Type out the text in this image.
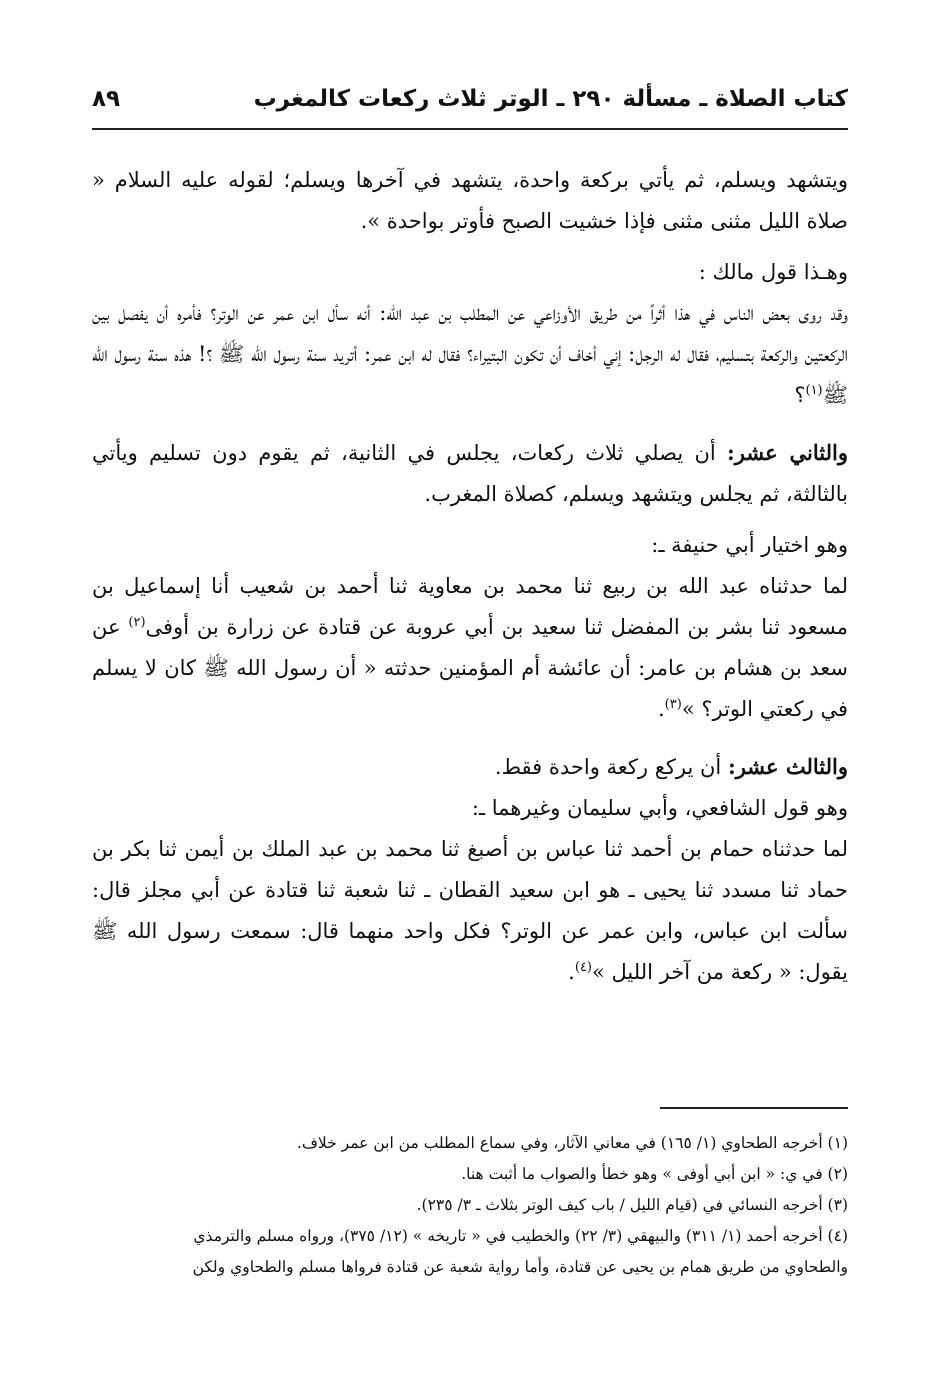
كتاب الصلاة ـ مسألة ٢٩٠ ـ الوتر ثلاث ركعات كالمغرب
٨٩

ويتشهد ويسلم، ثم يأتي بركعة واحدة، يتشهد في آخرها ويسلم؛ لقوله عليه السلام « صلاة الليل مثنى مثنى فإذا خشيت الصبح فأوتر بواحدة ».

وهـذا قول مالك :

وقد روى بعض الناس في هذا أثراً من طريق الأوزاعي عن المطلب بن عبد الله: أنه سأل ابن عمر عن الوتر؟ فأمره أن يفصل بين الركعتين والركعة بتسليم، فقال له الرجل: إني أخاف أن تكون البتيراء؟ فقال له ابن عمر: أتريد سنة رسول الله ﷺ ؟! هذه سنة رسول الله ﷺ$^{(١)}$؟

والثاني عشر: أن يصلي ثلاث ركعات، يجلس في الثانية، ثم يقوم دون تسليم ويأتي بالثالثة، ثم يجلس ويتشهد ويسلم، كصلاة المغرب.

وهو اختيار أبي حنيفة ـ:

لما حدثناه عبد الله بن ربيع ثنا محمد بن معاوية ثنا أحمد بن شعيب أنا إسماعيل بن مسعود ثنا بشر بن المفضل ثنا سعيد بن أبي عروبة عن قتادة عن زرارة بن أوفى$^{(٢)}$ عن سعد بن هشام بن عامر: أن عائشة أم المؤمنين حدثته « أن رسول الله ﷺ كان لا يسلم في ركعتي الوتر؟ »$^{(٣)}$.

والثالث عشر: أن يركع ركعة واحدة فقط.

وهو قول الشافعي، وأبي سليمان وغيرهما ـ:

لما حدثناه حمام بن أحمد ثنا عباس بن أصبغ ثنا محمد بن عبد الملك بن أيمن ثنا بكر بن حماد ثنا مسدد ثنا يحيى ـ هو ابن سعيد القطان ـ ثنا شعبة ثنا قتادة عن أبي مجلز قال: سألت ابن عباس، وابن عمر عن الوتر؟ فكل واحد منهما قال: سمعت رسول الله ﷺ يقول: « ركعة من آخر الليل »$^{(٤)}$.

(١) أخرجه الطحاوي (١/ ١٦٥) في معاني الآثار، وفي سماع المطلب من ابن عمر خلاف.

(٢) في ي: « ابن أبي أوفى » وهو خطأ والصواب ما أثبت هنا.

(٣) أخرجه النسائي في (قيام الليل / باب كيف الوتر بثلاث ـ ٣/ ٢٣٥).

(٤) أخرجه أحمد (١/ ٣١١) والبيهقي (٣/ ٢٢) والخطيب في « تاريخه » (١٢/ ٣٧٥)، ورواه مسلم والترمذي

والطحاوي من طريق همام بن يحيى عن قتادة، وأما رواية شعبة عن قتادة فرواها مسلم والطحاوي ولكن
